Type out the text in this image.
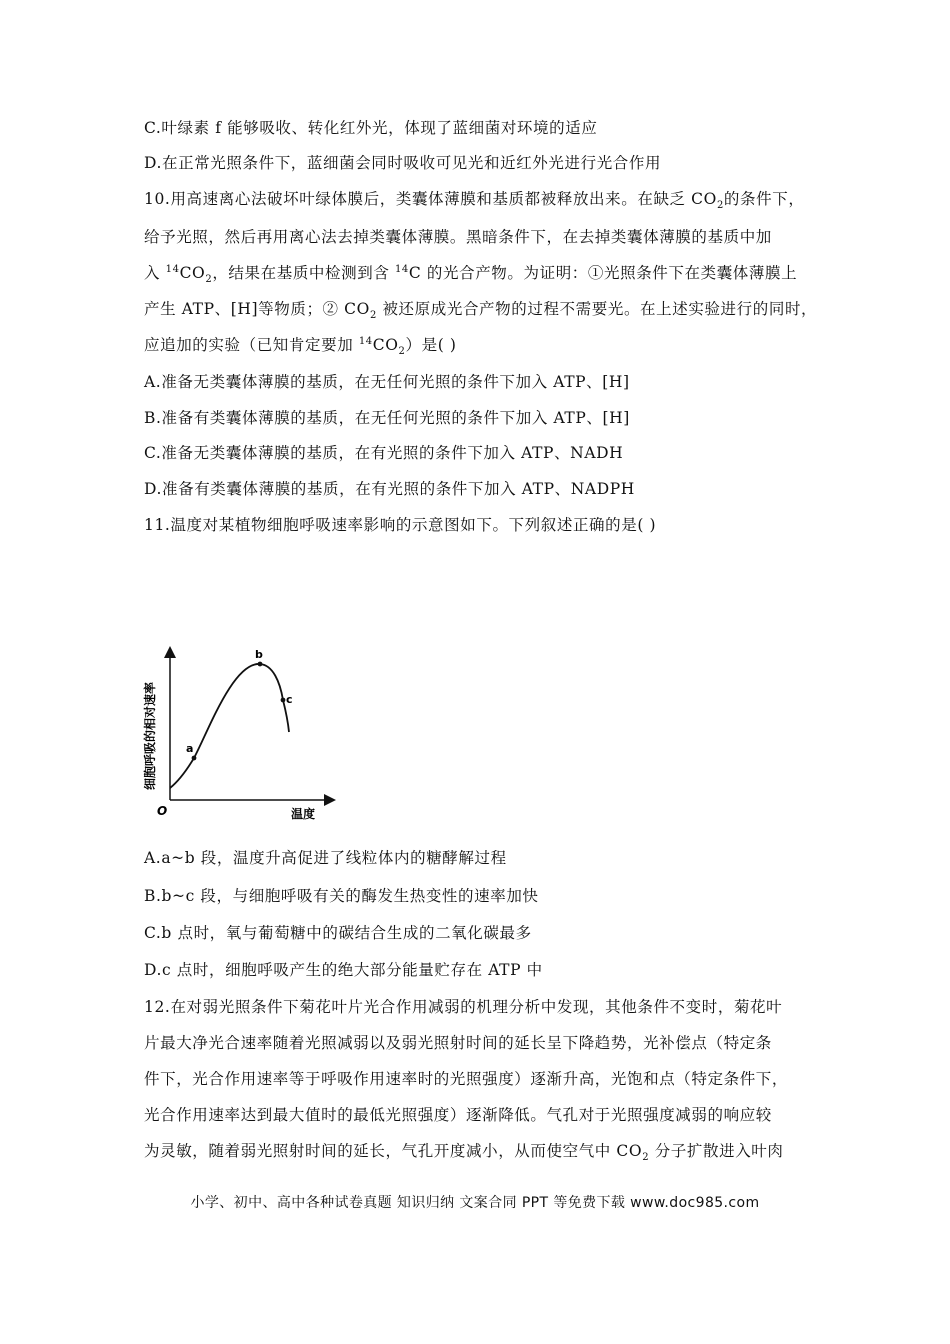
C.叶绿素 f 能够吸收、转化红外光，体现了蓝细菌对环境的适应
D.在正常光照条件下，蓝细菌会同时吸收可见光和近红外光进行光合作用
10.用高速离心法破坏叶绿体膜后，类囊体薄膜和基质都被释放出来。在缺乏 $CO_2$的条件下，
给予光照，然后再用离心法去掉类囊体薄膜。黑暗条件下，在去掉类囊体薄膜的基质中加
入 $^{14}CO_2$，结果在基质中检测到含 $^{14}$C 的光合产物。为证明：①光照条件下在类囊体薄膜上
产生 ATP、[H]等物质；② $CO_2$ 被还原成光合产物的过程不需要光。在上述实验进行的同时，
应追加的实验（已知肯定要加 $^{14}CO_2$）是( )
A.准备无类囊体薄膜的基质，在无任何光照的条件下加入 ATP、[H]
B.准备有类囊体薄膜的基质，在无任何光照的条件下加入 ATP、[H]
C.准备无类囊体薄膜的基质，在有光照的条件下加入 ATP、NADH
D.准备有类囊体薄膜的基质，在有光照的条件下加入 ATP、NADPH
11.温度对某植物细胞呼吸速率影响的示意图如下。下列叙述正确的是( )
a
b
c
O	温度
细胞呼吸的相对速率
A.a~b 段，温度升高促进了线粒体内的糖酵解过程
B.b~c 段，与细胞呼吸有关的酶发生热变性的速率加快
C.b 点时，氧与葡萄糖中的碳结合生成的二氧化碳最多
D.c 点时，细胞呼吸产生的绝大部分能量贮存在 ATP 中
12.在对弱光照条件下菊花叶片光合作用减弱的机理分析中发现，其他条件不变时，菊花叶
片最大净光合速率随着光照减弱以及弱光照射时间的延长呈下降趋势，光补偿点（特定条
件下，光合作用速率等于呼吸作用速率时的光照强度）逐渐升高，光饱和点（特定条件下，
光合作用速率达到最大值时的最低光照强度）逐渐降低。气孔对于光照强度减弱的响应较
为灵敏，随着弱光照射时间的延长，气孔开度减小，从而使空气中 $CO_2$ 分子扩散进入叶肉
小学、初中、高中各种试卷真题 知识归纳 文案合同 PPT 等免费下载 www.doc985.com
